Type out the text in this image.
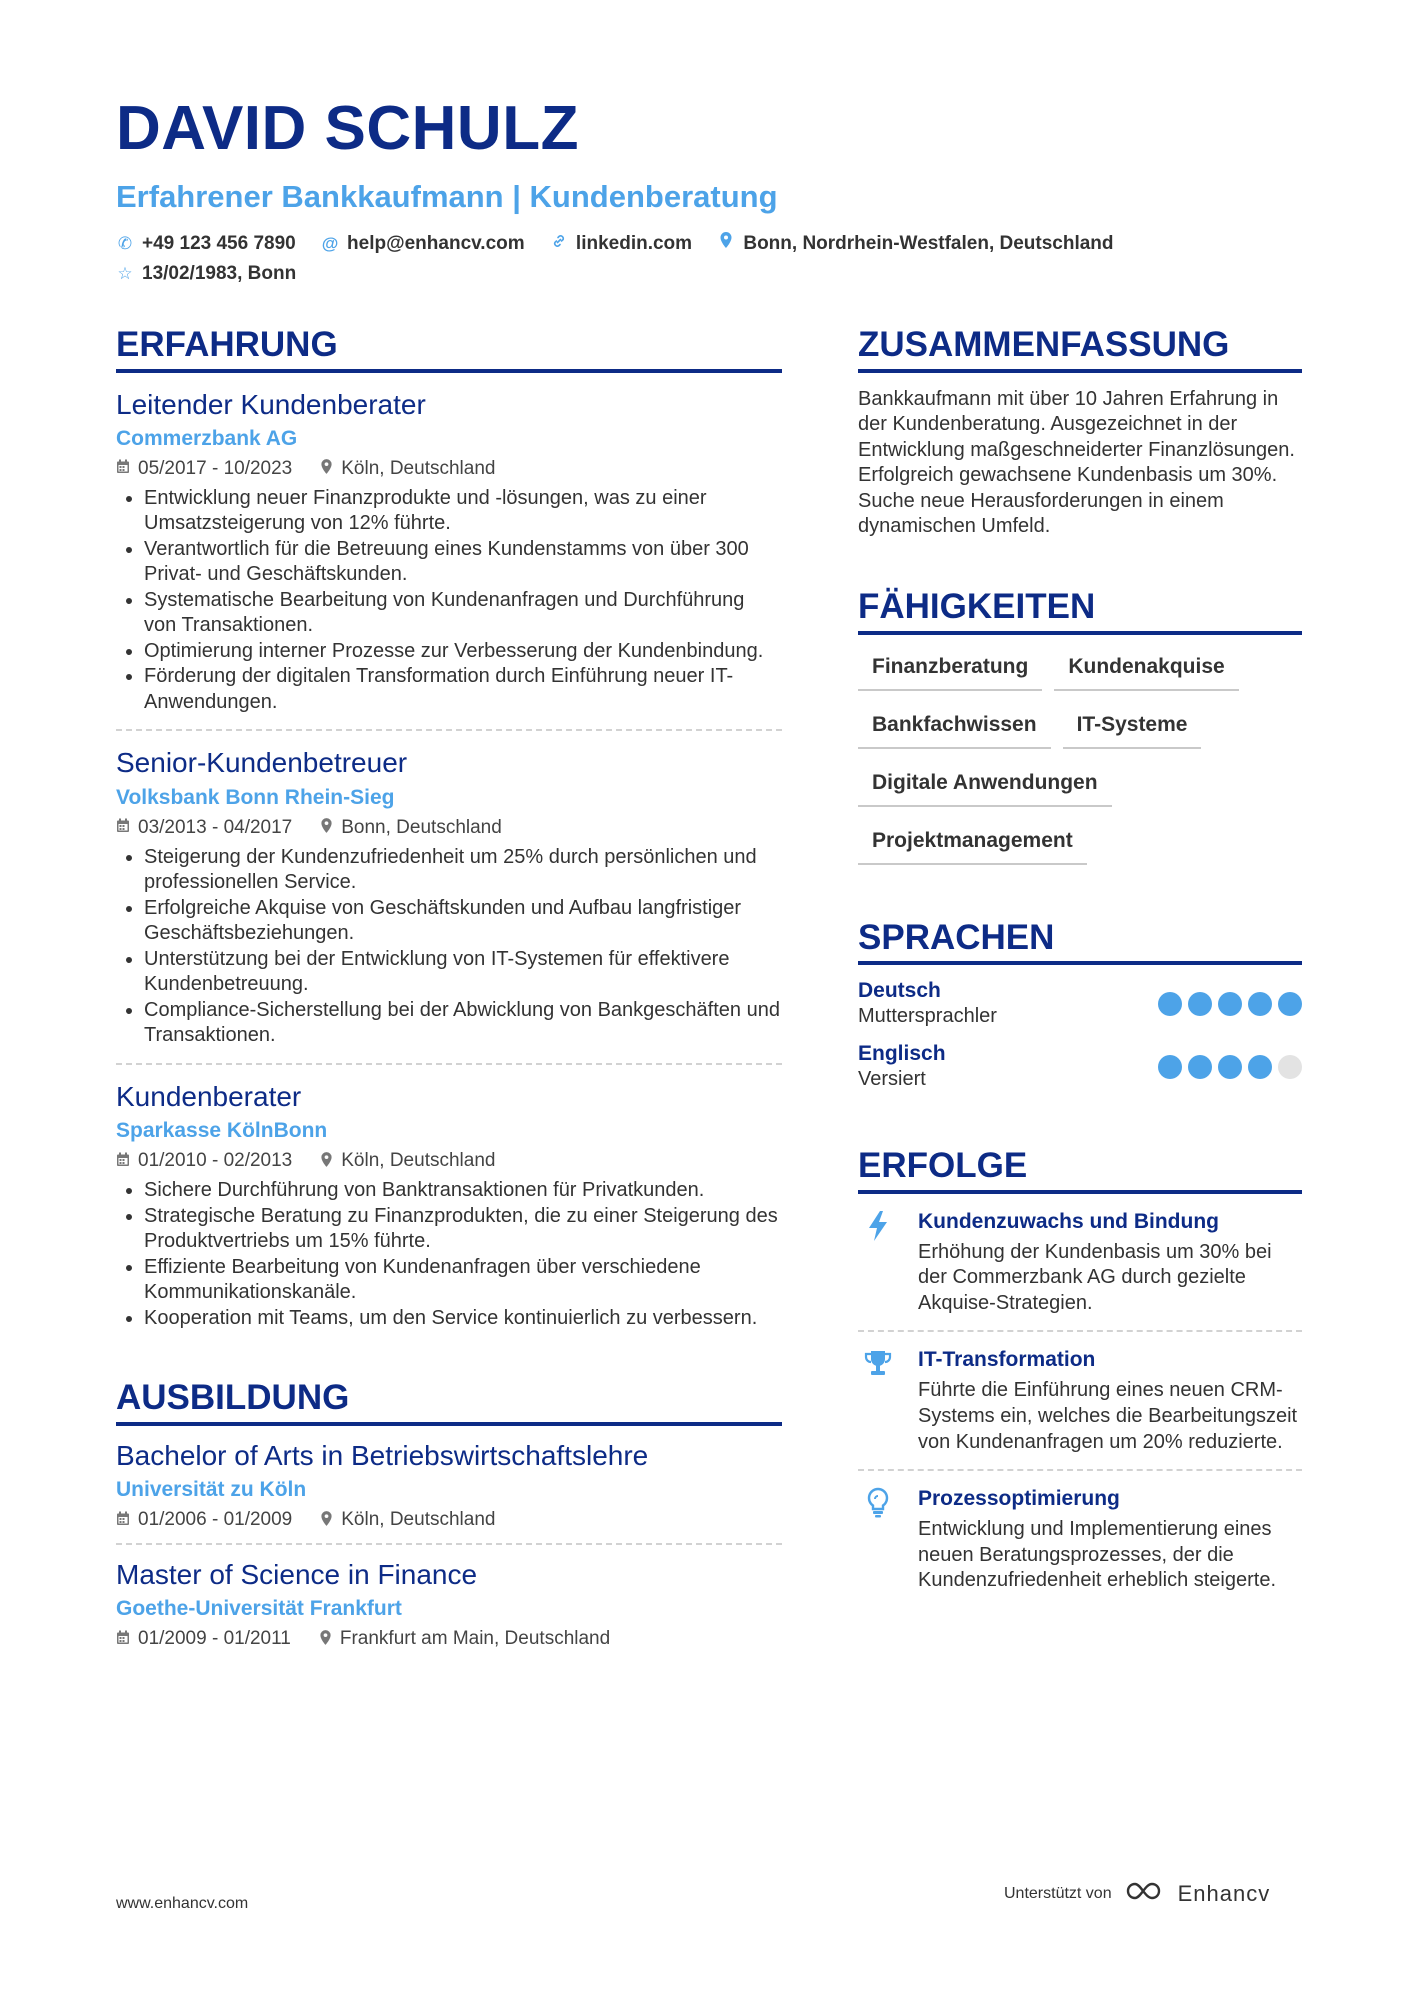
DAVID SCHULZ
Erfahrener Bankkaufmann | Kundenberatung
✆ +49 123 456 7890
@ help@enhancv.com
	linkedin.com
	Bonn, Nordrhein-Westfalen, Deutschland
☆ 13/02/1983, Bonn
ERFAHRUNG
Leitender Kundenberater
Commerzbank AG
05/2017 - 10/2023	Köln, Deutschland
• Entwicklung neuer Finanzprodukte und -lösungen, was zu einer Umsatzsteigerung von 12% führte.
• Verantwortlich für die Betreuung eines Kundenstamms von über 300 Privat- und Geschäftskunden.
• Systematische Bearbeitung von Kundenanfragen und Durchführung von Transaktionen.
• Optimierung interner Prozesse zur Verbesserung der Kundenbindung.
• Förderung der digitalen Transformation durch Einführung neuer IT-Anwendungen.
Senior-Kundenbetreuer
Volksbank Bonn Rhein-Sieg
03/2013 - 04/2017	Bonn, Deutschland
• Steigerung der Kundenzufriedenheit um 25% durch persönlichen und professionellen Service.
• Erfolgreiche Akquise von Geschäftskunden und Aufbau langfristiger Geschäftsbeziehungen.
• Unterstützung bei der Entwicklung von IT-Systemen für effektivere Kundenbetreuung.
• Compliance-Sicherstellung bei der Abwicklung von Bankgeschäften und Transaktionen.
Kundenberater
Sparkasse KölnBonn
01/2010 - 02/2013	Köln, Deutschland
• Sichere Durchführung von Banktransaktionen für Privatkunden.
• Strategische Beratung zu Finanzprodukten, die zu einer Steigerung des Produktvertriebs um 15% führte.
• Effiziente Bearbeitung von Kundenanfragen über verschiedene Kommunikationskanäle.
• Kooperation mit Teams, um den Service kontinuierlich zu verbessern.
AUSBILDUNG
Bachelor of Arts in Betriebswirtschaftslehre
Universität zu Köln
01/2006 - 01/2009	Köln, Deutschland
Master of Science in Finance
Goethe-Universität Frankfurt
01/2009 - 01/2011	Frankfurt am Main, Deutschland
ZUSAMMENFASSUNG
Bankkaufmann mit über 10 Jahren Erfahrung in der Kundenberatung. Ausgezeichnet in der Entwicklung maßgeschneiderter Finanzlösungen. Erfolgreich gewachsene Kundenbasis um 30%. Suche neue Herausforderungen in einem dynamischen Umfeld.
FÄHIGKEITEN
Finanzberatung KundenakquiseBankfachwissen IT-SystemeDigitale AnwendungenProjektmanagement
SPRACHEN
Deutsch
Muttersprachler
Englisch
Versiert
ERFOLGE
Kundenzuwachs und Bindung
Erhöhung der Kundenbasis um 30% bei der Commerzbank AG durch gezielte Akquise-Strategien.
IT-Transformation
Führte die Einführung eines neuen CRM-Systems ein, welches die Bearbeitungszeit von Kundenanfragen um 20% reduzierte.
Prozessoptimierung
Entwicklung und Implementierung eines neuen Beratungsprozesses, der die Kundenzufriedenheit erheblich steigerte.
www.enhancv.com
Unterstützt von	Enhancv
